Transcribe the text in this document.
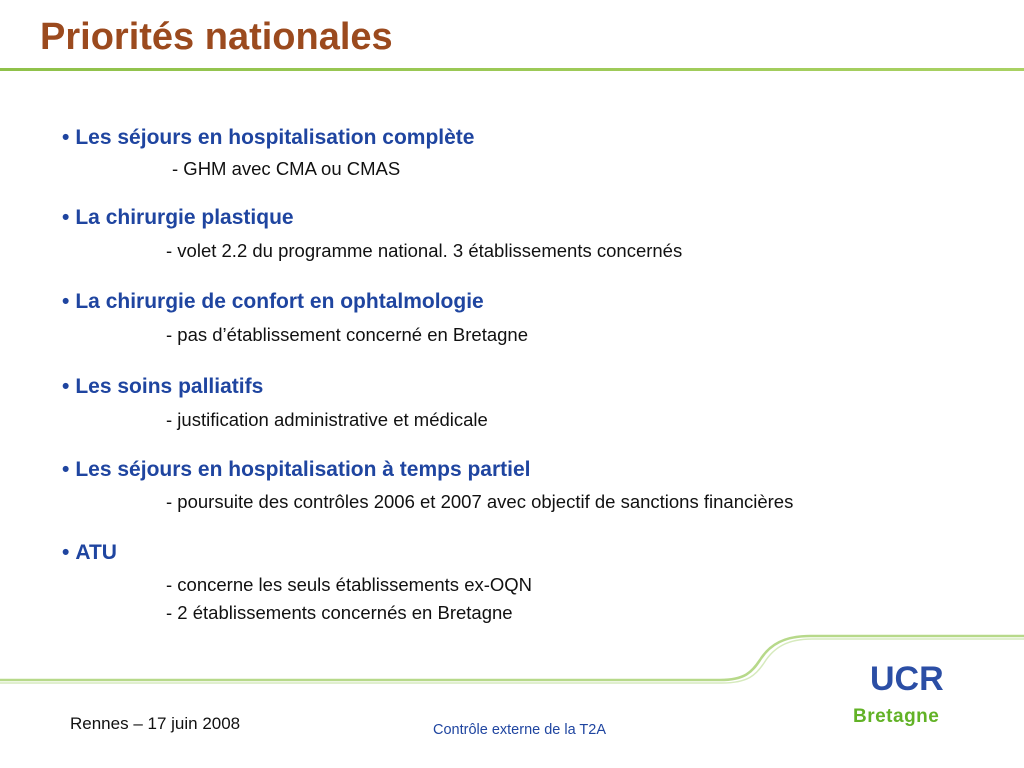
Priorités nationales
• Les séjours en hospitalisation complète
- GHM avec CMA ou CMAS
• La chirurgie plastique
- volet 2.2 du programme national. 3 établissements concernés
• La chirurgie de confort en ophtalmologie
- pas d’établissement concerné en Bretagne
• Les soins palliatifs
- justification administrative et médicale
• Les séjours en hospitalisation à temps partiel
- poursuite des contrôles 2006 et 2007 avec objectif de sanctions financières
• ATU
- concerne les seuls établissements ex-OQN
- 2 établissements concernés en Bretagne
UCR
Bretagne
Rennes – 17 juin 2008	Contrôle externe de la T2A
